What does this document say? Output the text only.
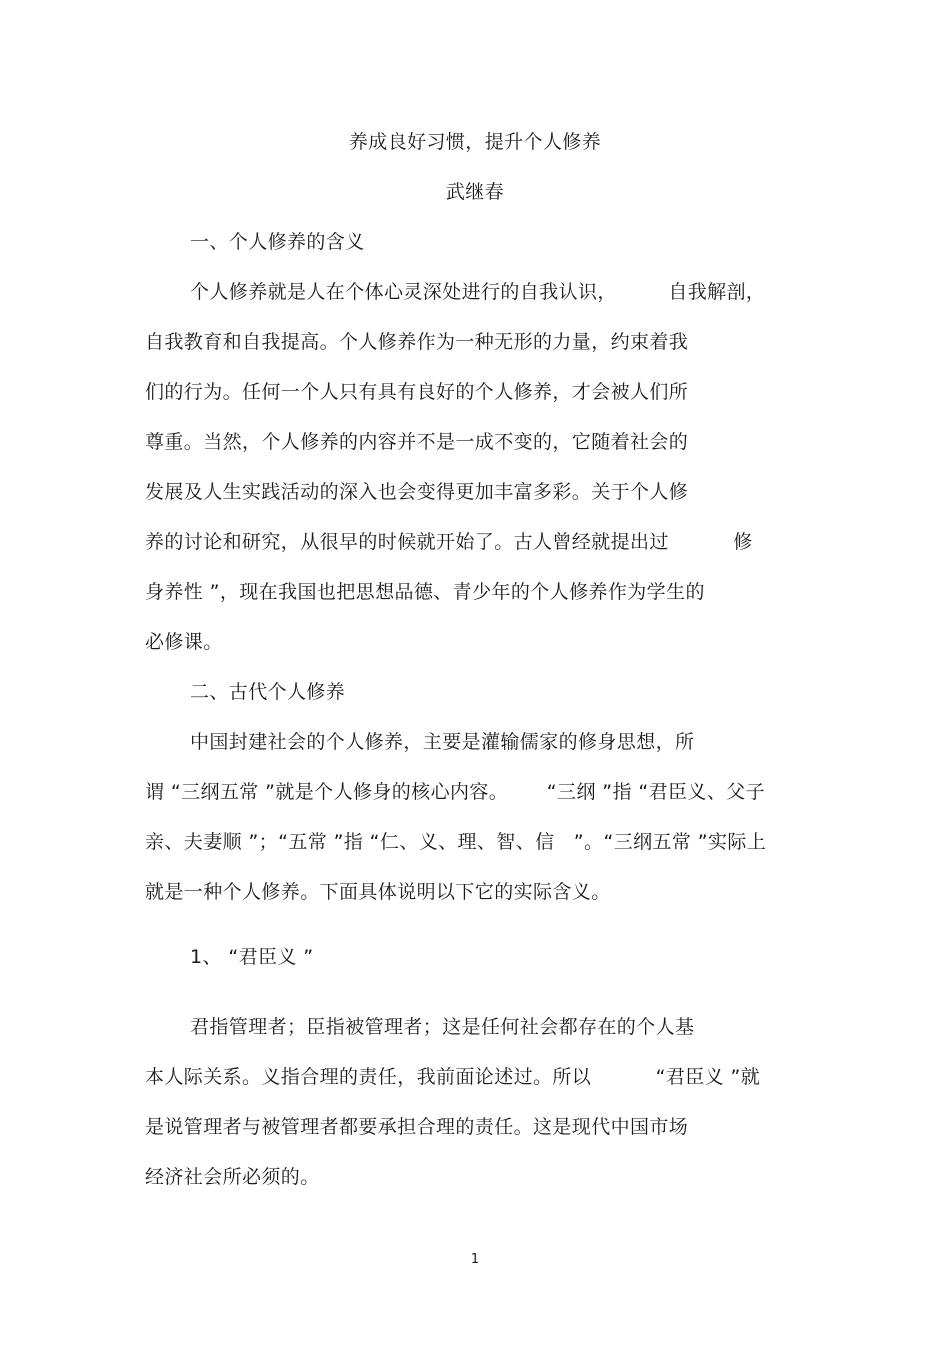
养成良好习惯，提升个人修养
武继春
一、个人修养的含义
个人修养就是人在个体心灵深处进行的自我认识，        自我解剖，
自我教育和自我提高。个人修养作为一种无形的力量，约束着我
们的行为。任何一个人只有具有良好的个人修养，才会被人们所
尊重。当然，个人修养的内容并不是一成不变的，它随着社会的
发展及人生实践活动的深入也会变得更加丰富多彩。关于个人修
养的讨论和研究，从很早的时候就开始了。古人曾经就提出过          修
身养性 ”，现在我国也把思想品德、青少年的个人修养作为学生的
必修课。
二、古代个人修养
中国封建社会的个人修养，主要是灌输儒家的修身思想，所
谓 “三纲五常 ”就是个人修身的核心内容。      “三纲 ”指 “君臣义、父子
亲、夫妻顺 ”；“五常 ”指 “仁、义、理、智、信   ”。“三纲五常 ”实际上
就是一种个人修养。下面具体说明以下它的实际含义。
1、 “君臣义 ”
君指管理者；臣指被管理者；这是任何社会都存在的个人基
本人际关系。义指合理的责任，我前面论述过。所以          “君臣义 ”就
是说管理者与被管理者都要承担合理的责任。这是现代中国市场
经济社会所必须的。
1
